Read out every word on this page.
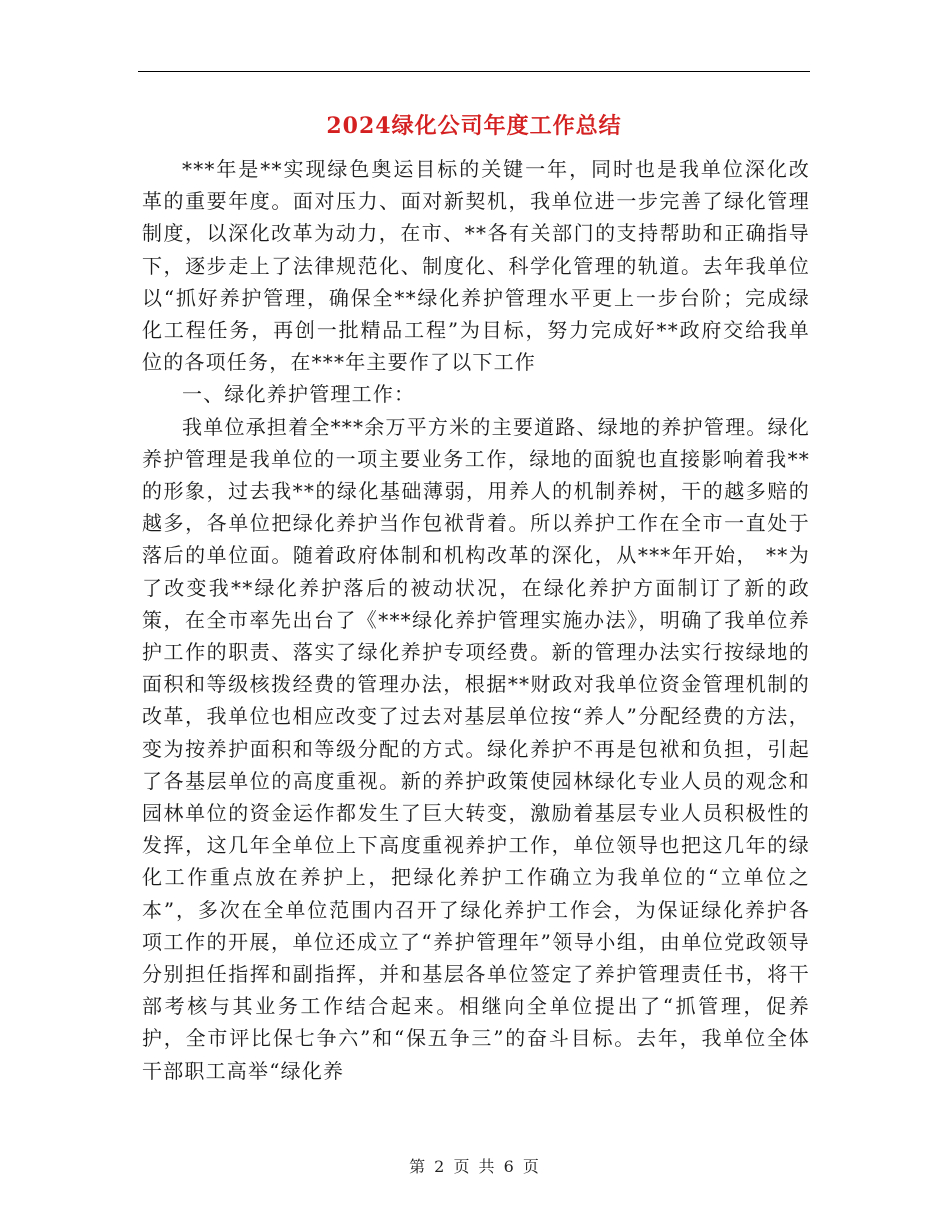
2024绿化公司年度工作总结

***年是**实现绿色奥运目标的关键一年，同时也是我单位深化改革的重要年度。面对压力、面对新契机，我单位进一步完善了绿化管理制度，以深化改革为动力，在市、**各有关部门的支持帮助和正确指导下，逐步走上了法律规范化、制度化、科学化管理的轨道。去年我单位以“抓好养护管理，确保全**绿化养护管理水平更上一步台阶；完成绿化工程任务，再创一批精品工程”为目标，努力完成好**政府交给我单位的各项任务，在***年主要作了以下工作

一、绿化养护管理工作：

我单位承担着全***余万平方米的主要道路、绿地的养护管理。绿化养护管理是我单位的一项主要业务工作，绿地的面貌也直接影响着我**的形象，过去我**的绿化基础薄弱，用养人的机制养树，干的越多赔的越多，各单位把绿化养护当作包袱背着。所以养护工作在全市一直处于落后的单位面。随着政府体制和机构改革的深化，从***年开始， **为了改变我**绿化养护落后的被动状况，在绿化养护方面制订了新的政策，在全市率先出台了《***绿化养护管理实施办法》，明确了我单位养护工作的职责、落实了绿化养护专项经费。新的管理办法实行按绿地的面积和等级核拨经费的管理办法，根据**财政对我单位资金管理机制的改革，我单位也相应改变了过去对基层单位按“养人”分配经费的方法，变为按养护面积和等级分配的方式。绿化养护不再是包袱和负担，引起了各基层单位的高度重视。新的养护政策使园林绿化专业人员的观念和园林单位的资金运作都发生了巨大转变，激励着基层专业人员积极性的发挥，这几年全单位上下高度重视养护工作，单位领导也把这几年的绿化工作重点放在养护上，把绿化养护工作确立为我单位的“立单位之本”，多次在全单位范围内召开了绿化养护工作会，为保证绿化养护各项工作的开展，单位还成立了“养护管理年”领导小组，由单位党政领导分别担任指挥和副指挥，并和基层各单位签定了养护管理责任书，将干部考核与其业务工作结合起来。相继向全单位提出了“抓管理，促养护，全市评比保七争六”和“保五争三”的奋斗目标。去年，我单位全体干部职工高举“绿化养

第 2 页 共 6 页
